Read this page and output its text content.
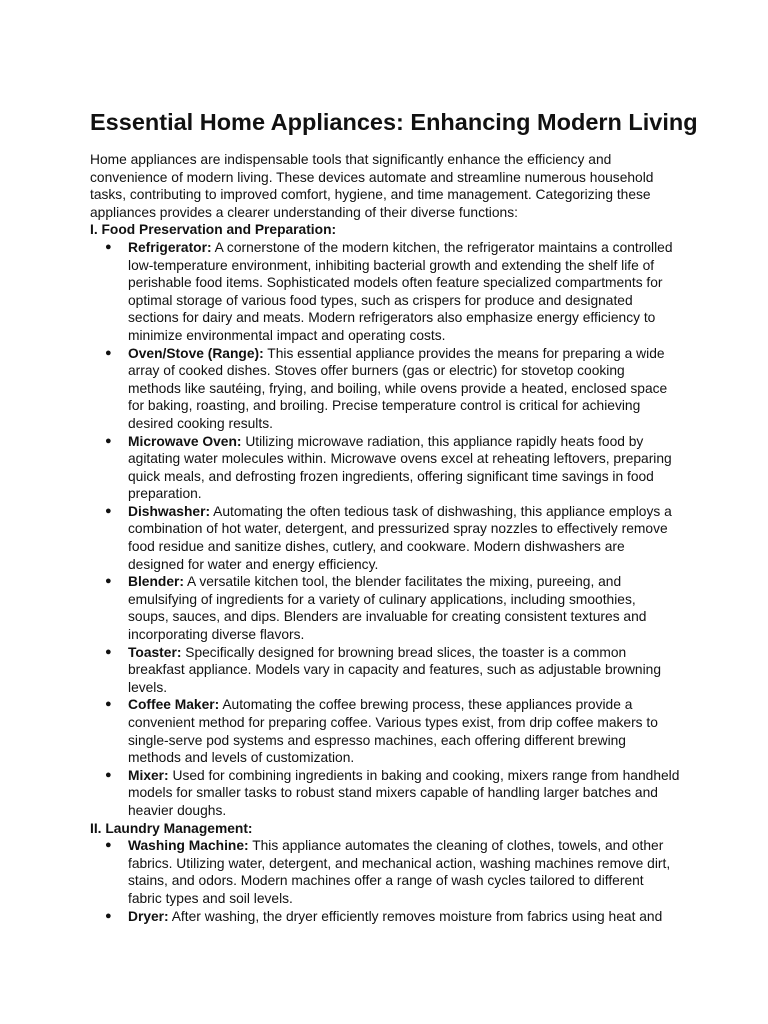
Essential Home Appliances: Enhancing Modern Living

Home appliances are indispensable tools that significantly enhance the efficiency and convenience of modern living. These devices automate and streamline numerous household tasks, contributing to improved comfort, hygiene, and time management. Categorizing these appliances provides a clearer understanding of their diverse functions:

I. Food Preservation and Preparation:

● Refrigerator: A cornerstone of the modern kitchen, the refrigerator maintains a controlled low-temperature environment, inhibiting bacterial growth and extending the shelf life of perishable food items. Sophisticated models often feature specialized compartments for optimal storage of various food types, such as crispers for produce and designated sections for dairy and meats. Modern refrigerators also emphasize energy efficiency to minimize environmental impact and operating costs.
● Oven/Stove (Range): This essential appliance provides the means for preparing a wide array of cooked dishes. Stoves offer burners (gas or electric) for stovetop cooking methods like sautéing, frying, and boiling, while ovens provide a heated, enclosed space for baking, roasting, and broiling. Precise temperature control is critical for achieving desired cooking results.
● Microwave Oven: Utilizing microwave radiation, this appliance rapidly heats food by agitating water molecules within. Microwave ovens excel at reheating leftovers, preparing quick meals, and defrosting frozen ingredients, offering significant time savings in food preparation.
● Dishwasher: Automating the often tedious task of dishwashing, this appliance employs a combination of hot water, detergent, and pressurized spray nozzles to effectively remove food residue and sanitize dishes, cutlery, and cookware. Modern dishwashers are designed for water and energy efficiency.
● Blender: A versatile kitchen tool, the blender facilitates the mixing, pureeing, and emulsifying of ingredients for a variety of culinary applications, including smoothies, soups, sauces, and dips. Blenders are invaluable for creating consistent textures and incorporating diverse flavors.
● Toaster: Specifically designed for browning bread slices, the toaster is a common breakfast appliance. Models vary in capacity and features, such as adjustable browning levels.
● Coffee Maker: Automating the coffee brewing process, these appliances provide a convenient method for preparing coffee. Various types exist, from drip coffee makers to single-serve pod systems and espresso machines, each offering different brewing methods and levels of customization.
● Mixer: Used for combining ingredients in baking and cooking, mixers range from handheld models for smaller tasks to robust stand mixers capable of handling larger batches and heavier doughs.

II. Laundry Management:

● Washing Machine: This appliance automates the cleaning of clothes, towels, and other fabrics. Utilizing water, detergent, and mechanical action, washing machines remove dirt, stains, and odors. Modern machines offer a range of wash cycles tailored to different fabric types and soil levels.
● Dryer: After washing, the dryer efficiently removes moisture from fabrics using heat and
